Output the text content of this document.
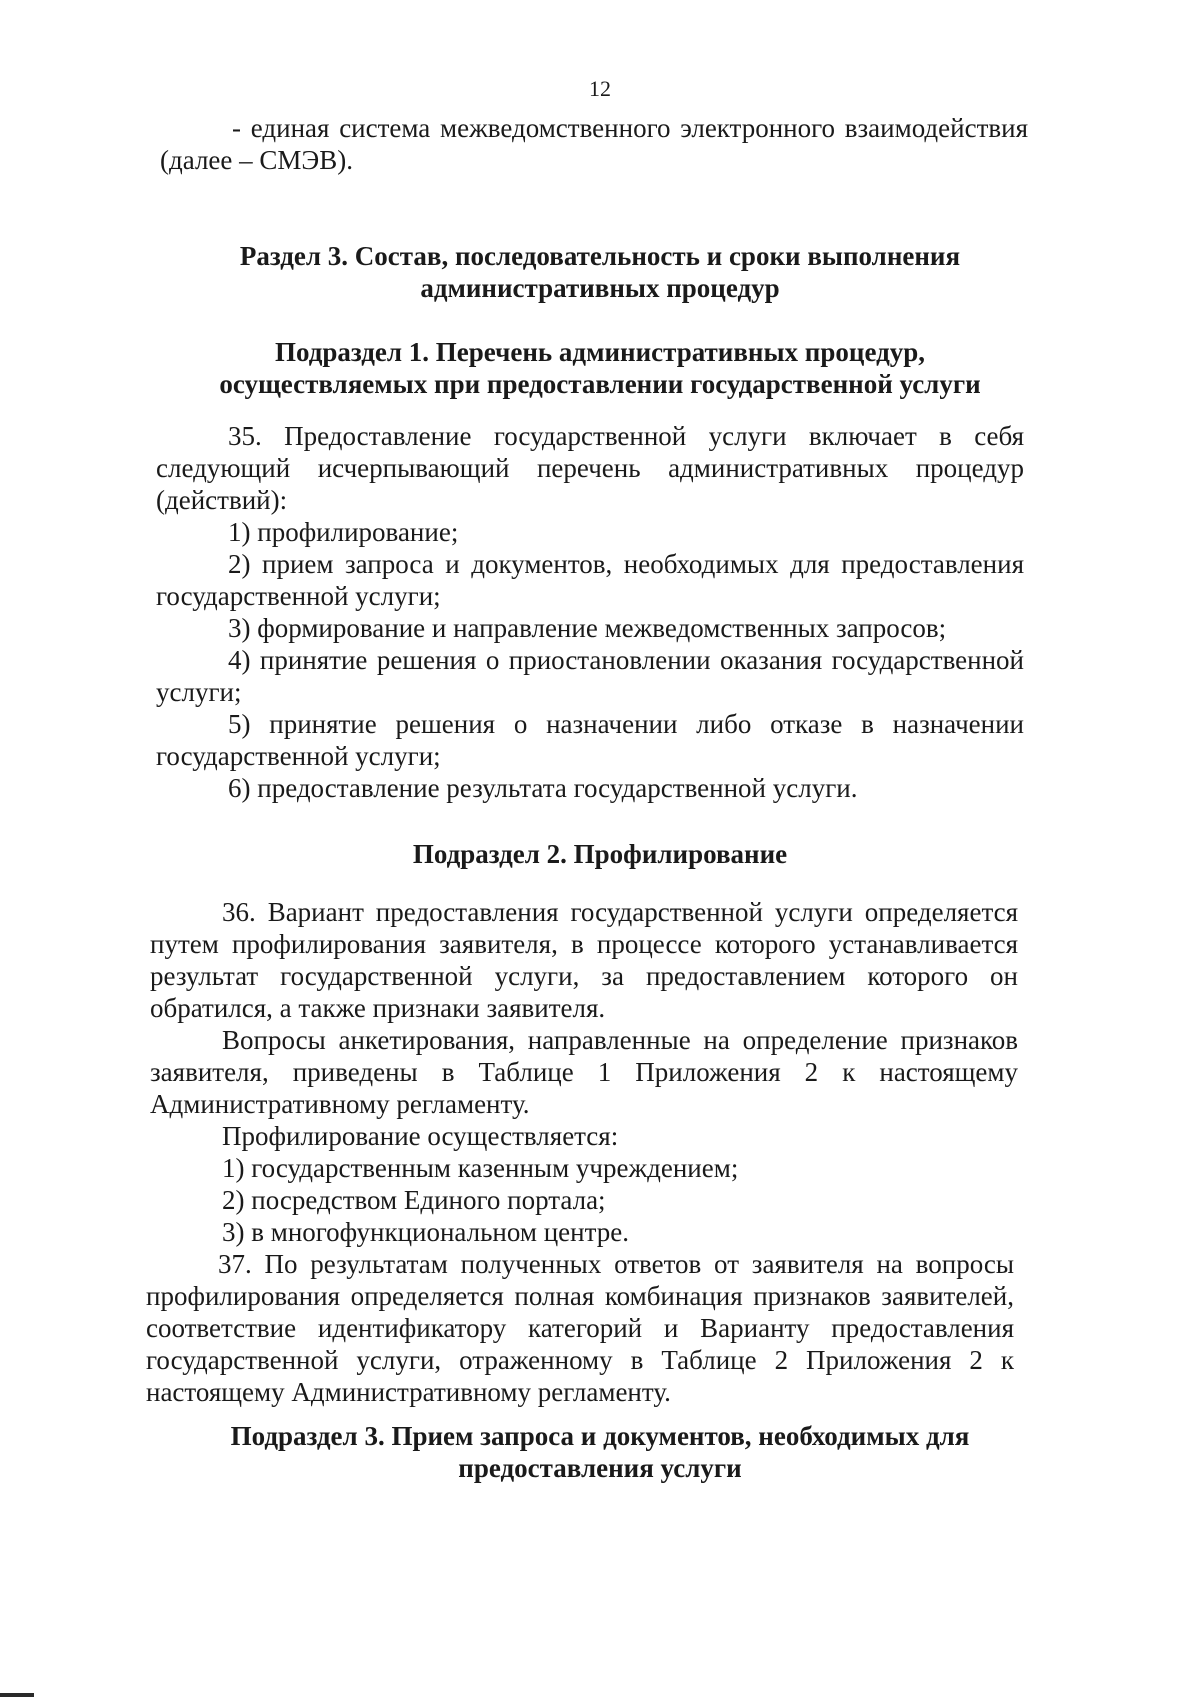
12
- единая система межведомственного электронного взаимодействия
(далее – СМЭВ).
Раздел 3. Состав, последовательность и сроки выполнения
административных процедур
Подраздел 1. Перечень административных процедур,
осуществляемых при предоставлении государственной услуги
35. Предоставление государственной услуги включает в себя
следующий исчерпывающий перечень административных процедур
(действий):
1) профилирование;
2) прием запроса и документов, необходимых для предоставления
государственной услуги;
3) формирование и направление межведомственных запросов;
4) принятие решения о приостановлении оказания государственной
услуги;
5) принятие решения о назначении либо отказе в назначении
государственной услуги;
6) предоставление результата государственной услуги.
Подраздел 2. Профилирование
36. Вариант предоставления государственной услуги определяется
путем профилирования заявителя, в процессе которого устанавливается
результат государственной услуги, за предоставлением которого он
обратился, а также признаки заявителя.
Вопросы анкетирования, направленные на определение признаков
заявителя, приведены в Таблице 1 Приложения 2 к настоящему
Административному регламенту.
Профилирование осуществляется:
1) государственным казенным учреждением;
2) посредством Единого портала;
3) в многофункциональном центре.
37. По результатам полученных ответов от заявителя на вопросы
профилирования определяется полная комбинация признаков заявителей,
соответствие идентификатору категорий и Варианту предоставления
государственной услуги, отраженному в Таблице 2 Приложения 2 к
настоящему Административному регламенту.
Подраздел 3. Прием запроса и документов, необходимых для
предоставления услуги
